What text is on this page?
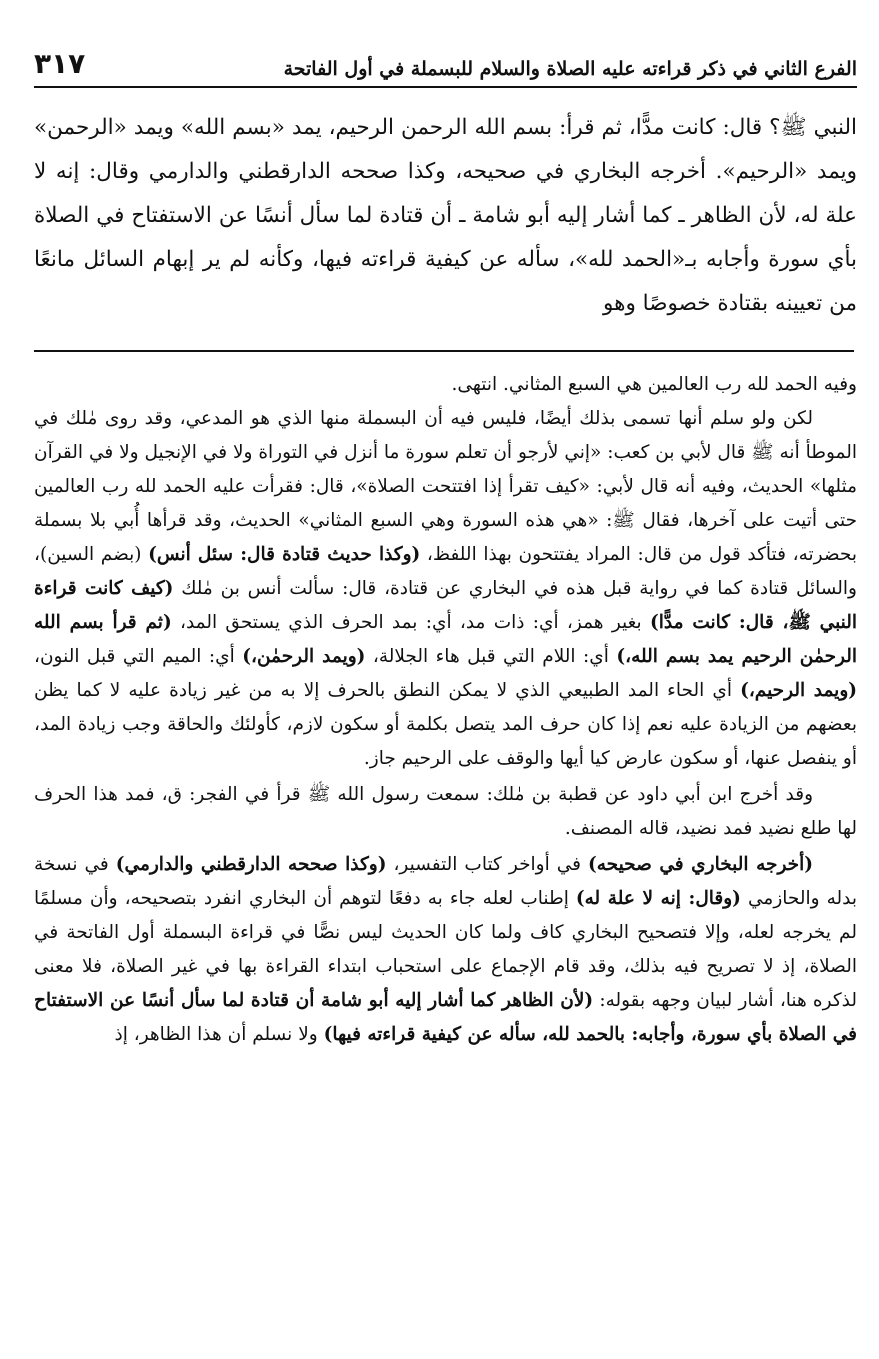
الفرع الثاني في ذكر قراءته عليه الصلاة والسلام للبسملة في أول الفاتحة
٣١٧
النبي ﷺ؟ قال: كانت مدًّا، ثم قرأ: بسم الله الرحمن الرحيم، يمد «بسم الله» ويمد «الرحمن» ويمد «الرحيم». أخرجه البخاري في صحيحه، وكذا صححه الدارقطني والدارمي وقال: إنه لا علة له، لأن الظاهر ـ كما أشار إليه أبو شامة ـ أن قتادة لما سأل أنسًا عن الاستفتاح في الصلاة بأي سورة وأجابه بـ«الحمد لله»، سأله عن كيفية قراءته فيها، وكأنه لم ير إبهام السائل مانعًا من تعيينه بقتادة خصوصًا وهو

وفيه الحمد لله رب العالمين هي السبع المثاني. انتهى.

لكن ولو سلم أنها تسمى بذلك أيضًا، فليس فيه أن البسملة منها الذي هو المدعي، وقد روى مٰلك في الموطأ أنه ﷺ قال لأبي بن كعب: «إني لأرجو أن تعلم سورة ما أنزل في التوراة ولا في الإنجيل ولا في القرآن مثلها» الحديث، وفيه أنه قال لأبي: «كيف تقرأ إذا افتتحت الصلاة»، قال: فقرأت عليه الحمد لله رب العالمين حتى أتيت على آخرها، فقال ﷺ: «هي هذه السورة وهي السبع المثاني» الحديث، وقد قرأها أُبي بلا بسملة بحضرته، فتأكد قول من قال: المراد يفتتحون بهذا اللفظ، (وكذا حديث قتادة قال: سئل أنس) (بضم السين)، والسائل قتادة كما في رواية قبل هذه في البخاري عن قتادة، قال: سألت أنس بن مٰلك (كيف كانت قراءة النبي ﷺ، قال: كانت مدًّا) بغير همز، أي: ذات مد، أي: بمد الحرف الذي يستحق المد، (ثم قرأ بسم الله الرحمٰن الرحيم يمد بسم الله،) أي: اللام التي قبل هاء الجلالة، (ويمد الرحمٰن،) أي: الميم التي قبل النون، (ويمد الرحيم،) أي الحاء المد الطبيعي الذي لا يمكن النطق بالحرف إلا به من غير زيادة عليه لا كما يظن بعضهم من الزيادة عليه نعم إذا كان حرف المد يتصل بكلمة أو سكون لازم، كأولئك والحاقة وجب زيادة المد، أو ينفصل عنها، أو سكون عارض كيا أيها والوقف على الرحيم جاز.

وقد أخرج ابن أبي داود عن قطبة بن مٰلك: سمعت رسول الله ﷺ قرأ في الفجر: ق، فمد هذا الحرف لها طلع نضيد فمد نضيد، قاله المصنف.

(أخرجه البخاري في صحيحه) في أواخر كتاب التفسير، (وكذا صححه الدارقطني والدارمي) في نسخة بدله والحازمي (وقال: إنه لا علة له) إطناب لعله جاء به دفعًا لتوهم أن البخاري انفرد بتصحيحه، وأن مسلمًا لم يخرجه لعله، وإلا فتصحيح البخاري كاف ولما كان الحديث ليس نصًّا في قراءة البسملة أول الفاتحة في الصلاة، إذ لا تصريح فيه بذلك، وقد قام الإجماع على استحباب ابتداء القراءة بها في غير الصلاة، فلا معنى لذكره هنا، أشار لبيان وجهه بقوله: (لأن الظاهر كما أشار إليه أبو شامة أن قتادة لما سأل أنسًا عن الاستفتاح في الصلاة بأي سورة، وأجابه: بالحمد لله، سأله عن كيفية قراءته فيها) ولا نسلم أن هذا الظاهر، إذ
